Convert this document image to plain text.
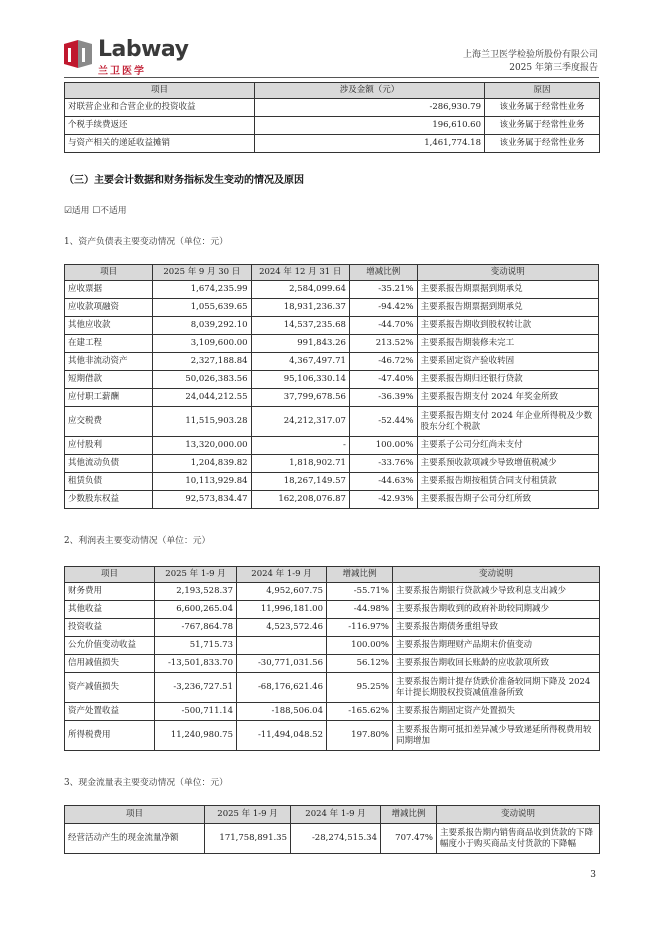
Labway
兰卫医学
上海兰卫医学检验所股份有限公司
2025 年第三季度报告
项目	涉及金额（元）	原因
对联营企业和合营企业的投资收益	-286,930.79	该业务属于经常性业务
个税手续费返还	196,610.60	该业务属于经常性业务
与资产相关的递延收益摊销	1,461,774.18	该业务属于经常性业务
（三）主要会计数据和财务指标发生变动的情况及原因
☑适用 ☐不适用
1、资产负债表主要变动情况（单位：元）
项目	2025 年 9 月 30 日	2024 年 12 月 31 日	增减比例	变动说明
应收票据	1,674,235.99	2,584,099.64	-35.21%	主要系报告期票据到期承兑
应收款项融资	1,055,639.65	18,931,236.37	-94.42%	主要系报告期票据到期承兑
其他应收款	8,039,292.10	14,537,235.68	-44.70%	主要系报告期收到股权转让款
在建工程	3,109,600.00	991,843.26	213.52%	主要系报告期装修未完工
其他非流动资产	2,327,188.84	4,367,497.71	-46.72%	主要系固定资产验收转固
短期借款	50,026,383.56	95,106,330.14	-47.40%	主要系报告期归还银行贷款
应付职工薪酬	24,044,212.55	37,799,678.56	-36.39%	主要系报告期支付 2024 年奖金所致
应交税费	11,515,903.28	24,212,317.07	-52.44%	主要系报告期支付 2024 年企业所得税及少数股东分红个税款
应付股利	13,320,000.00	-	100.00%	主要系子公司分红尚未支付
其他流动负债	1,204,839.82	1,818,902.71	-33.76%	主要系预收款项减少导致增值税减少
租赁负债	10,113,929.84	18,267,149.57	-44.63%	主要系报告期按租赁合同支付租赁款
少数股东权益	92,573,834.47	162,208,076.87	-42.93%	主要系报告期子公司分红所致
2、利润表主要变动情况（单位：元）
项目	2025 年 1-9 月	2024 年 1-9 月	增减比例	变动说明
财务费用	2,193,528.37	4,952,607.75	-55.71%	主要系报告期银行贷款减少导致利息支出减少
其他收益	6,600,265.04	11,996,181.00	-44.98%	主要系报告期收到的政府补助较同期减少
投资收益	-767,864.78	4,523,572.46	-116.97%	主要系报告期债务重组导致
公允价值变动收益	51,715.73		100.00%	主要系报告期理财产品期末价值变动
信用减值损失	-13,501,833.70	-30,771,031.56	56.12%	主要系报告期收回长账龄的应收款项所致
资产减值损失	-3,236,727.51	-68,176,621.46	95.25%	主要系报告期计提存货跌价准备较同期下降及 2024 年计提长期股权投资减值准备所致
资产处置收益	-500,711.14	-188,506.04	-165.62%	主要系报告期固定资产处置损失
所得税费用	11,240,980.75	-11,494,048.52	197.80%	主要系报告期可抵扣差异减少导致递延所得税费用较同期增加
3、现金流量表主要变动情况（单位：元）
项目	2025 年 1-9 月	2024 年 1-9 月	增减比例	变动说明
经营活动产生的现金流量净额	171,758,891.35	-28,274,515.34	707.47%	主要系报告期内销售商品收到货款的下降幅度小于购买商品支付货款的下降幅
3
